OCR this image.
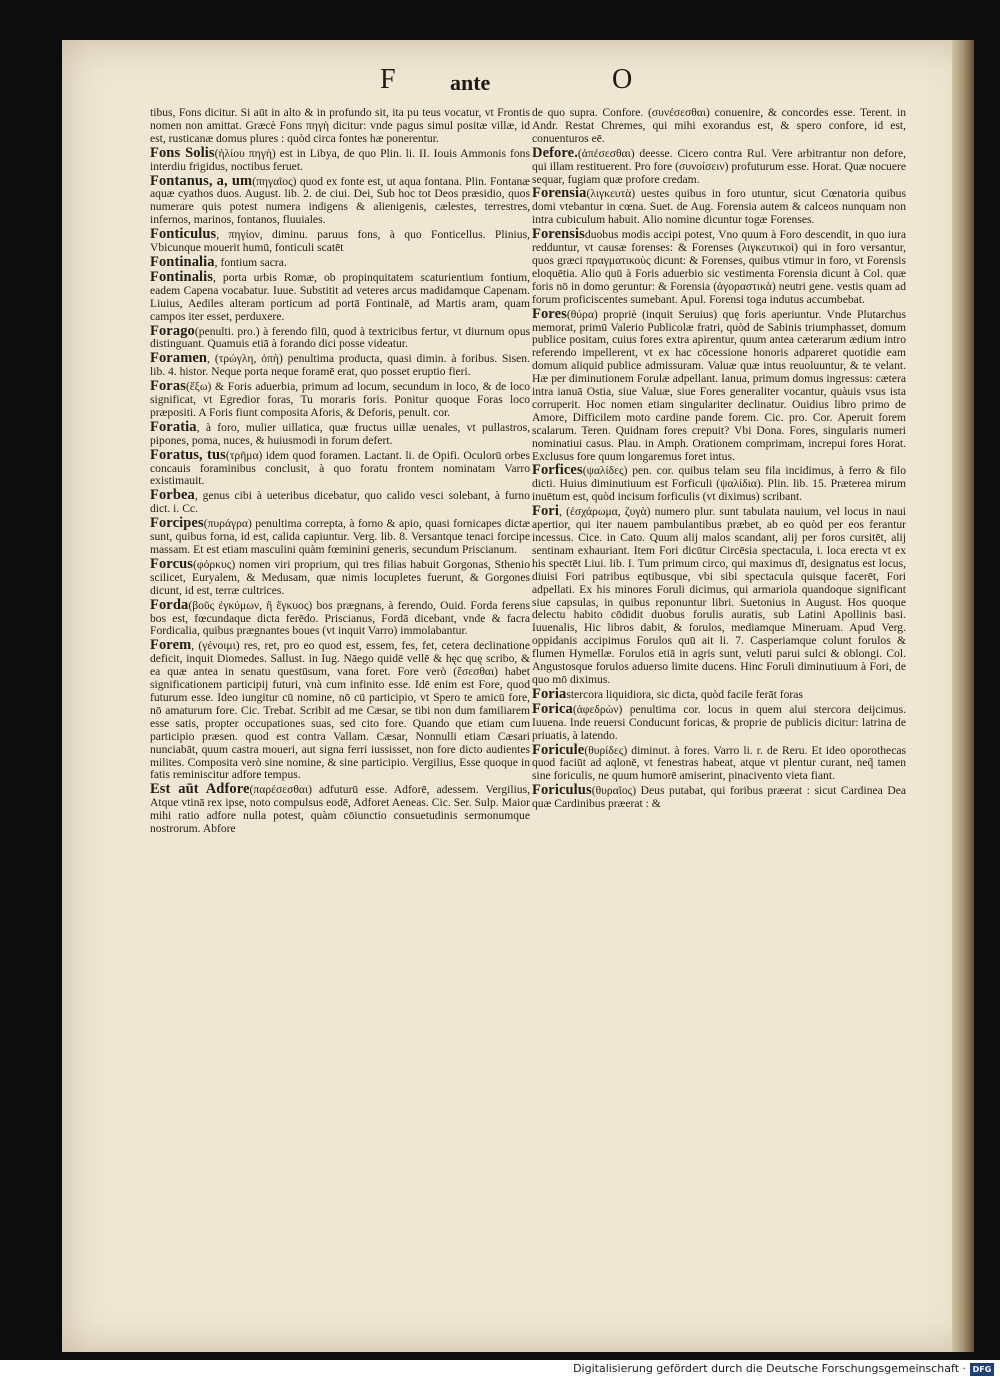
F ante	O

tibus, Fons dicitur. Si aūt in alto & in profundo sit, ita pu teus vocatur, vt Frontis nomen non amittat. Græcè Fons πηγὴ dicitur: vnde pagus simul positæ villæ, id est, rusticanæ domus plures : quòd circa fontes hæ ponerentur.

Fons Solis(ἡλίου πηγὴ) est in Libya, de quo Plin. li. II. Iouis Ammonis fons interdiu frigidus, noctibus feruet.

Fontanus, a, um(πηγαῖος) quod ex fonte est, ut aqua fontana. Plin. Fontanæ aquæ cyathos duos. August. lib. 2. de ciui. Dei, Sub hoc tot Deos præsidio, quos numerare quis potest numera indigens & alienigenis, cælestes, terrestres, infernos, marinos, fontanos, fluuiales.

Fonticulus, πηγίον, diminu. paruus fons, à quo Fonticellus. Plinius, Vbicunque mouerit humū, fonticuli scatēt

Fontinalia, fontium sacra.

Fontinalis, porta urbis Romæ, ob propinquitatem scaturientium fontium, eadem Capena vocabatur. Iuue. Substitit ad veteres arcus madidamque Capenam. Liuius, Aediles alteram porticum ad portā Fontinalē, ad Martis aram, quam campos iter esset, perduxere.

Forago(penulti. pro.) à ferendo filū, quod à textricibus fertur, vt diurnum opus distinguant. Quamuis etiā à forando dici posse videatur.

Foramen, (τρώγλη, ὀπὴ) penultima producta, quasi dimin. à foribus. Sisen. lib. 4. histor. Neque porta neque foramē erat, quo posset eruptio fieri.

Foras(ἔξω) & Foris aduerbia, primum ad locum, secundum in loco, & de loco significat, vt Egredior foras, Tu moraris foris. Ponitur quoque Foras loco præpositi. A Foris fiunt composita Aforis, & Deforis, penult. cor.

Foratia, à foro, mulier uillatica, quæ fructus uillæ uenales, vt pullastros, pipones, poma, nuces, & huiusmodi in forum defert.

Foratus, tus(τρῆμα) idem quod foramen. Lactant. li. de Opifi. Oculorū orbes concauis foraminibus conclusit, à quo foratu frontem nominatam Varro existimauit.

Forbea, genus cibi à ueteribus dicebatur, quo calido vesci solebant, à furno dict. i. Cc.

Forcipes(πυράγρα) penultima correpta, à forno & apio, quasi fornicapes dictæ sunt, quibus forna, id est, calida capiuntur. Verg. lib. 8. Versantque tenaci forcipe massam. Et est etiam masculini quàm fœminini generis, secundum Priscianum.

Forcus(φόρκυς) nomen viri proprium, qui tres filias habuit Gorgonas, Sthenio scilicet, Euryalem, & Medusam, quæ nimis locupletes fuerunt, & Gorgones dicunt, id est, terræ cultrices.

Forda(βοῦς ἐγκύμων, ἢ ἔγκυος) bos prægnans, à ferendo, Ouid. Forda ferens bos est, fœcundaque dicta ferēdo. Priscianus, Fordā dicebant, vnde & facra Fordicalia, quibus prægnantes boues (vt inquit Varro) immolabantur.

Forem, (γένοιμι) res, ret, pro eo quod est, essem, fes, fet, cetera declinatione deficit, inquit Diomedes. Sallust. in Iug. Nāego quidē vellē & hęc quę scribo, & ea quæ antea in senatu questūsum, vana foret. Fore verò (ἔσεσθαι) habet significationem participij futuri, vnà cum infinito esse. Idē enim est Fore, quod futurum esse. Ideo iungitur cū nomine, nō cū participio, vt Spero te amicū fore, nō amaturum fore. Cic. Trebat. Scribit ad me Cæsar, se tibi non dum familiarem esse satis, propter occupationes suas, sed cito fore. Quando que etiam cum participio præsen. quod est contra Vallam. Cæsar, Nonnulli etiam Cæsari nunciabāt, quum castra moueri, aut signa ferri iussisset, non fore dicto audientes milites. Composita verò sine nomine, & sine participio. Vergilius, Esse quoque in fatis reminiscitur adfore tempus.

Est aūt Adfore(παρέσεσθαι) adfuturū esse. Adforē, adessem. Vergilius, Atque vtinā rex ipse, noto compulsus eodē, Adforet Aeneas. Cic. Ser. Sulp. Maior mihi ratio adfore nulla potest, quàm cōiunctio consuetudinis sermonumque nostrorum. Abfore

de quo supra. Confore. (συνέσεσθαι) conuenire, & concordes esse. Terent. in Andr. Restat Chremes, qui mihi exorandus est, & spero confore, id est, conuenturos eē.

Defore.(ἀπέσεσθαι) deesse. Cicero contra Rul. Vere arbitrantur non defore, qui illam restituerent. Pro fore (συνοίσειν) profuturum esse. Horat. Quæ nocuere sequar, fugiam quæ profore credam.

Forensia(λιγκευτὰ) uestes quibus in foro utuntur, sicut Cœnatoria quibus domi vtebantur in cœna. Suet. de Aug. Forensia autem & calceos nunquam non intra cubiculum habuit. Alio nomine dicuntur togæ Forenses.

Forensisduobus modis accipi potest, Vno quum à Foro descendit, in quo iura redduntur, vt causæ forenses: & Forenses (λιγκευτικοὶ) qui in foro versantur, quos græci πραγματικοὺς dicunt: & Forenses, quibus vtimur in foro, vt Forensis eloquētia. Alio quū à Foris aduerbio sic vestimenta Forensia dicunt à Col. quæ foris nō in domo geruntur: & Forensia (ἀγοραστικὰ) neutri gene. vestis quam ad forum proficiscentes sumebant. Apul. Forensi toga indutus accumbebat.

Fores(θύρα) propriè (inquit Seruius) quę foris aperiuntur. Vnde Plutarchus memorat, primū Valerio Publicolæ fratri, quòd de Sabinis triumphasset, domum publice positam, cuius fores extra apirentur, quum antea cæterarum ædium intro referendo impellerent, vt ex hac cōcessione honoris adpareret quotidie eam domum aliquid publice admissuram. Valuæ quæ intus reuoluuntur, & te velant. Hæ per diminutionem Forulæ adpellant. Ianua, primum domus ingressus: cætera intra ianuā Ostia, siue Valuæ, siue Fores generaliter vocantur, quàuis vsus ista corruperit. Hoc nomen etiam singulariter declinatur. Ouidius libro primo de Amore, Difficilem moto cardine pande forem. Cic. pro. Cor. Aperuit forem scalarum. Teren. Quidnam fores crepuit? Vbi Dona. Fores, singularis numeri nominatiui casus. Plau. in Amph. Orationem comprimam, increpui fores Horat. Exclusus fore quum longaremus foret intus.

Forfices(ψαλίδες) pen. cor. quibus telam seu fila incidimus, à ferro & filo dicti. Huius diminutiuum est Forficuli (ψαλίδια). Plin. lib. 15. Præterea mirum inuētum est, quòd incisum forficulis (vt diximus) scribant.

Fori, (ἐσχάρωμα, ζυγὰ) numero plur. sunt tabulata nauium, vel locus in naui apertior, qui iter nauem pambulantibus præbet, ab eo quòd per eos ferantur incessus. Cice. in Cato. Quum alij malos scandant, alij per foros cursitēt, alij sentinam exhauriant. Item Fori dicūtur Circēsia spectacula, i. loca erecta vt ex his spectēt Liui. lib. I. Tum primum circo, qui maximus dī, designatus est locus, diuisi Fori patribus eqtibusque, vbi sibi spectacula quisque facerēt, Fori adpellati. Ex his minores Foruli dicimus, qui armariola quandoque significant siue capsulas, in quibus reponuntur libri. Suetonius in August. Hos quoque delectu habito cōdidit duobus forulis auratis, sub Latini Apollinis basi. Iuuenalis, Hic libros dabit, & forulos, mediamque Mineruam. Apud Verg. oppidanis accipimus Forulos quū ait li. 7. Casperiamque colunt forulos & flumen Hymellæ. Forulos etiā in agris sunt, veluti parui sulci & oblongi. Col. Angustosque forulos aduerso limite ducens. Hinc Foruli diminutiuum à Fori, de quo mō diximus.

Foriastercora liquidiora, sic dicta, quòd facile ferāt foras

Forica(ἀφεδρὼν) penultima cor. locus in quem alui stercora deijcimus. Iuuena. Inde reuersi Conducunt foricas, & proprie de publicis dicitur: latrina de priuatis, à latendo.

Foricule(θυρίδες) diminut. à fores. Varro li. r. de Reru. Et ideo oporothecas quod faciūt ad aqlonē, vt fenestras habeat, atque vt plentur curant, neq̃ tamen sine foriculis, ne quum humorē amiserint, pinacivento vieta fiant.

Foriculus(θυραῖος) Deus putabat, qui foribus præerat : sicut Cardinea Dea quæ Cardinibus præerat : &

Digitalisierung gefördert durch die Deutsche Forschungsgemeinschaft · DFG
